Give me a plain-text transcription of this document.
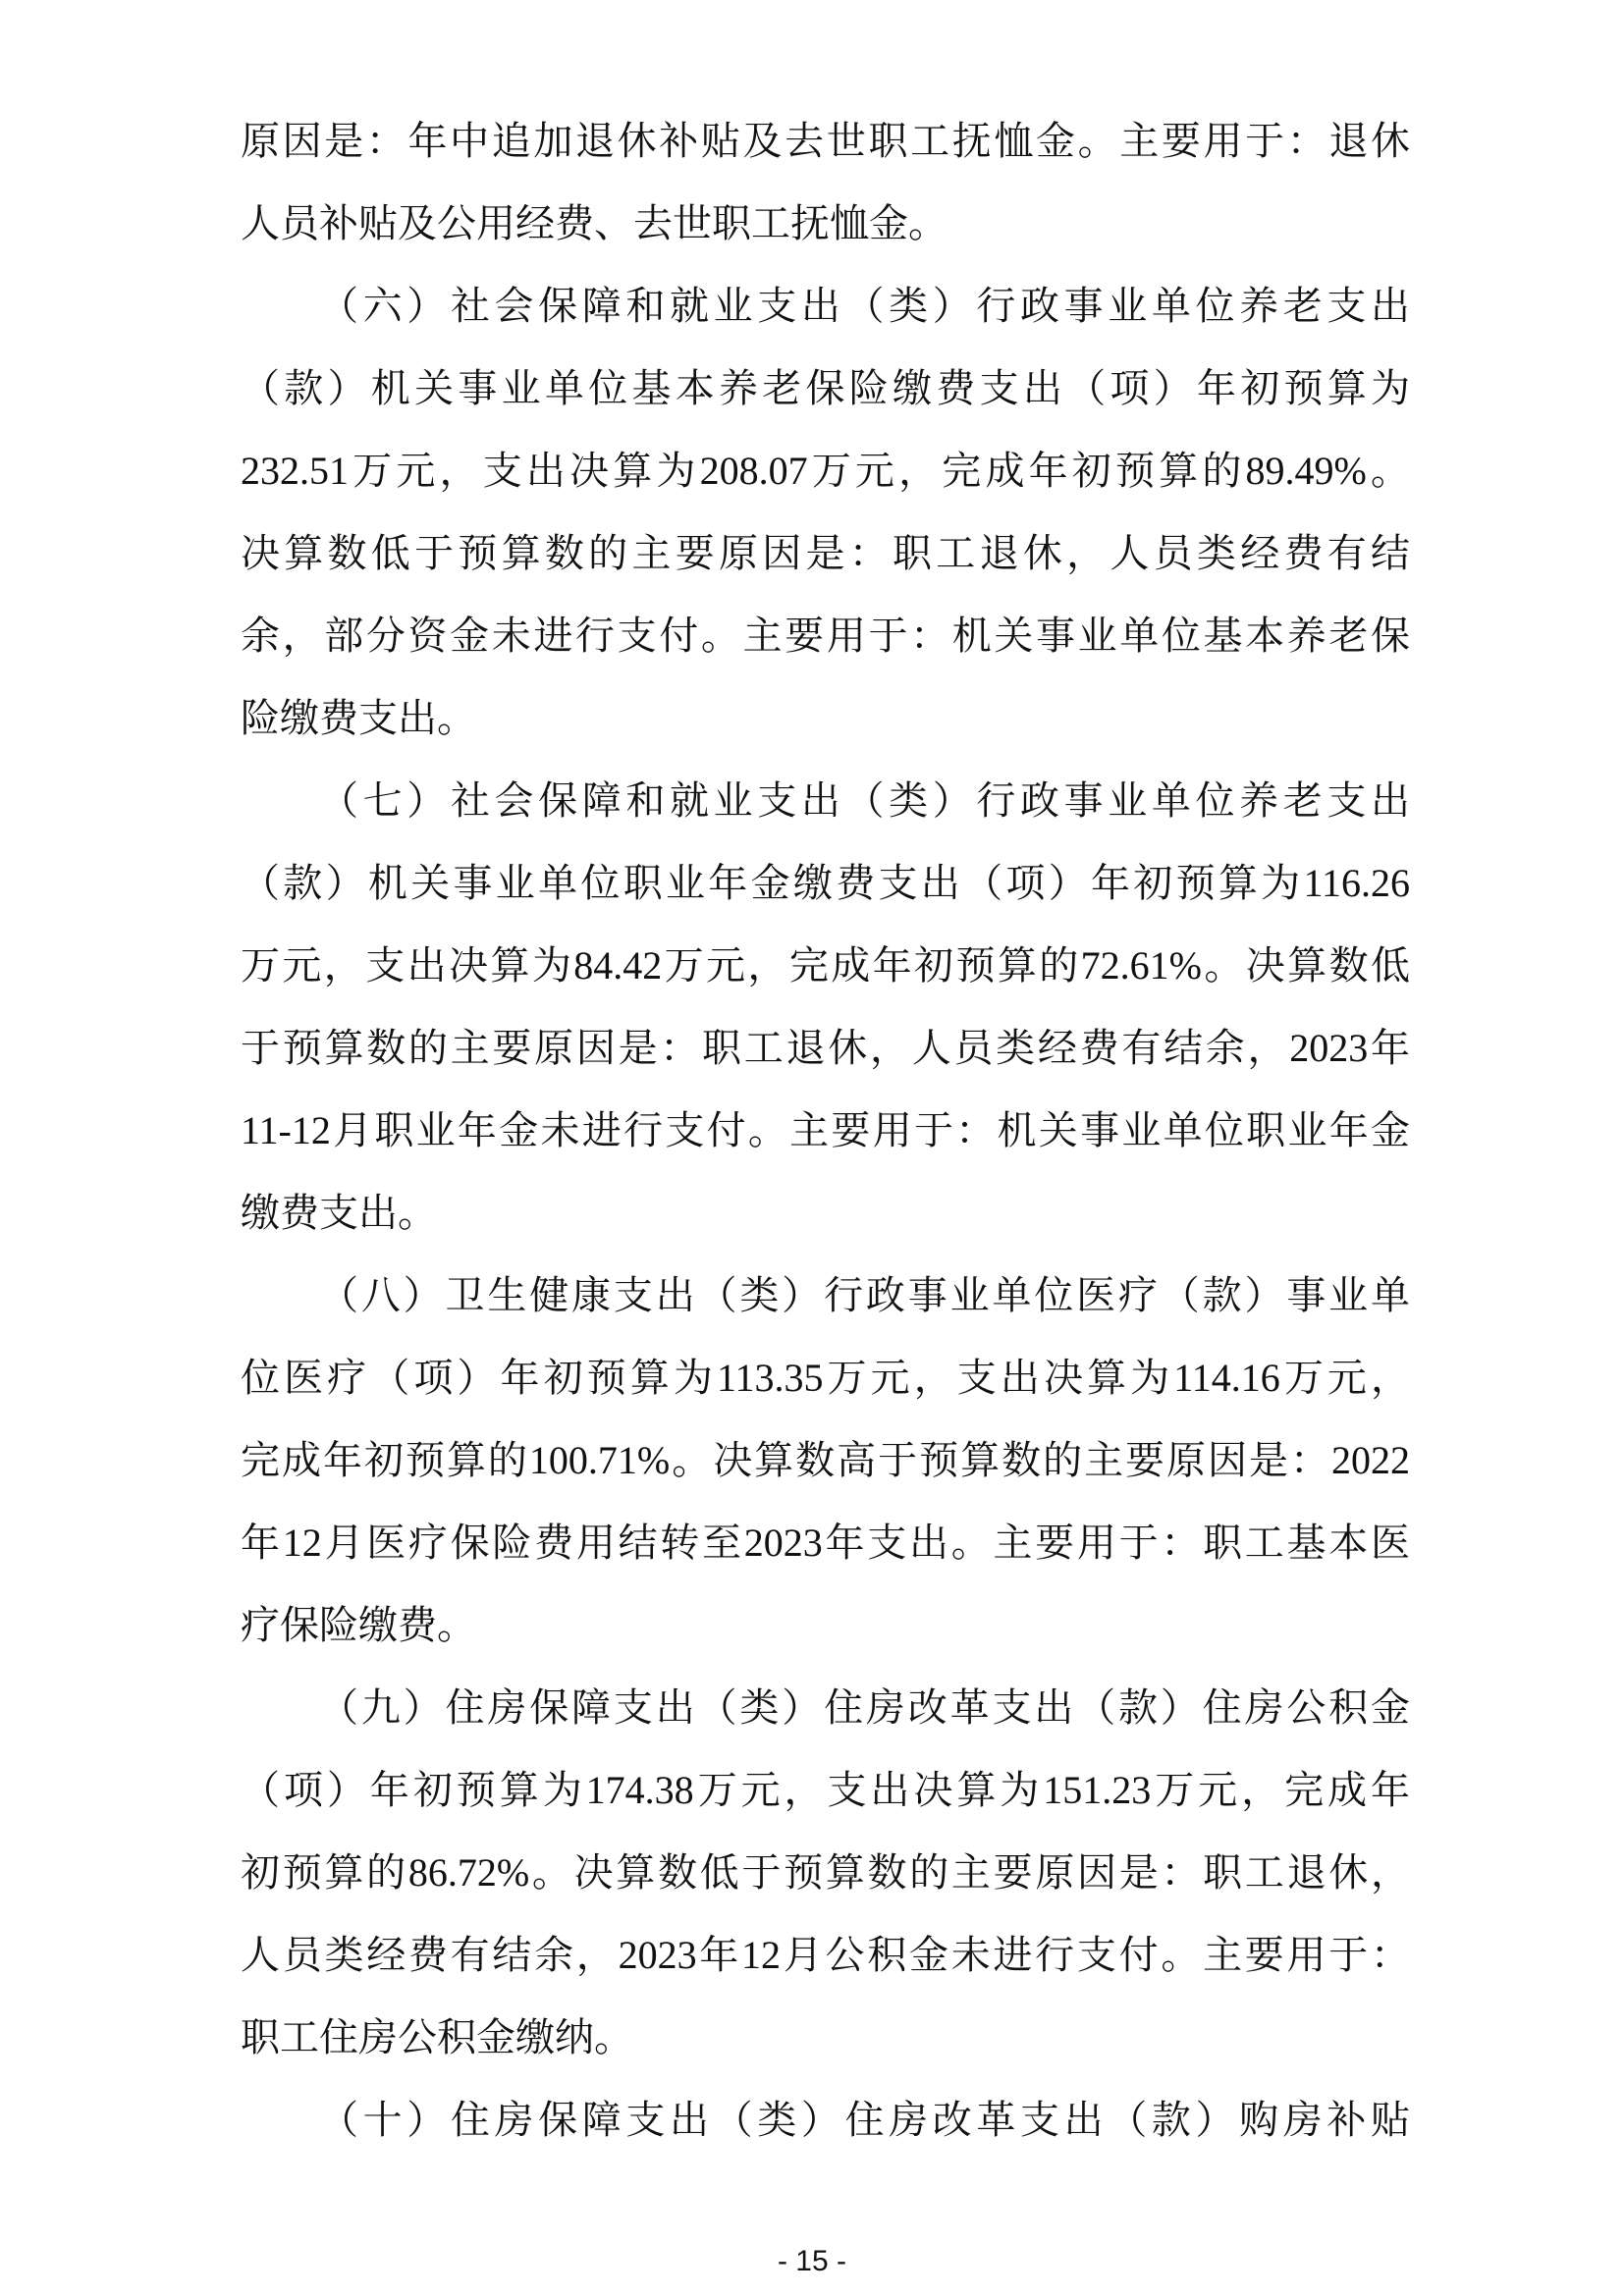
原因是：年中追加退休补贴及去世职工抚恤金。主要用于：退休
人员补贴及公用经费、去世职工抚恤金。
（六）社会保障和就业支出（类）行政事业单位养老支出
（款）机关事业单位基本养老保险缴费支出（项）年初预算为
232.51万元，支出决算为208.07万元，完成年初预算的89.49%。
决算数低于预算数的主要原因是：职工退休，人员类经费有结
余，部分资金未进行支付。主要用于：机关事业单位基本养老保
险缴费支出。
（七）社会保障和就业支出（类）行政事业单位养老支出
（款）机关事业单位职业年金缴费支出（项）年初预算为116.26
万元，支出决算为84.42万元，完成年初预算的72.61%。决算数低
于预算数的主要原因是：职工退休，人员类经费有结余，2023年
11-12月职业年金未进行支付。主要用于：机关事业单位职业年金
缴费支出。
（八）卫生健康支出（类）行政事业单位医疗（款）事业单
位医疗（项）年初预算为113.35万元，支出决算为114.16万元，
完成年初预算的100.71%。决算数高于预算数的主要原因是：2022
年12月医疗保险费用结转至2023年支出。主要用于：职工基本医
疗保险缴费。
（九）住房保障支出（类）住房改革支出（款）住房公积金
（项）年初预算为174.38万元，支出决算为151.23万元，完成年
初预算的86.72%。决算数低于预算数的主要原因是：职工退休，
人员类经费有结余，2023年12月公积金未进行支付。主要用于：
职工住房公积金缴纳。
（十）住房保障支出（类）住房改革支出（款）购房补贴
- 15 -
